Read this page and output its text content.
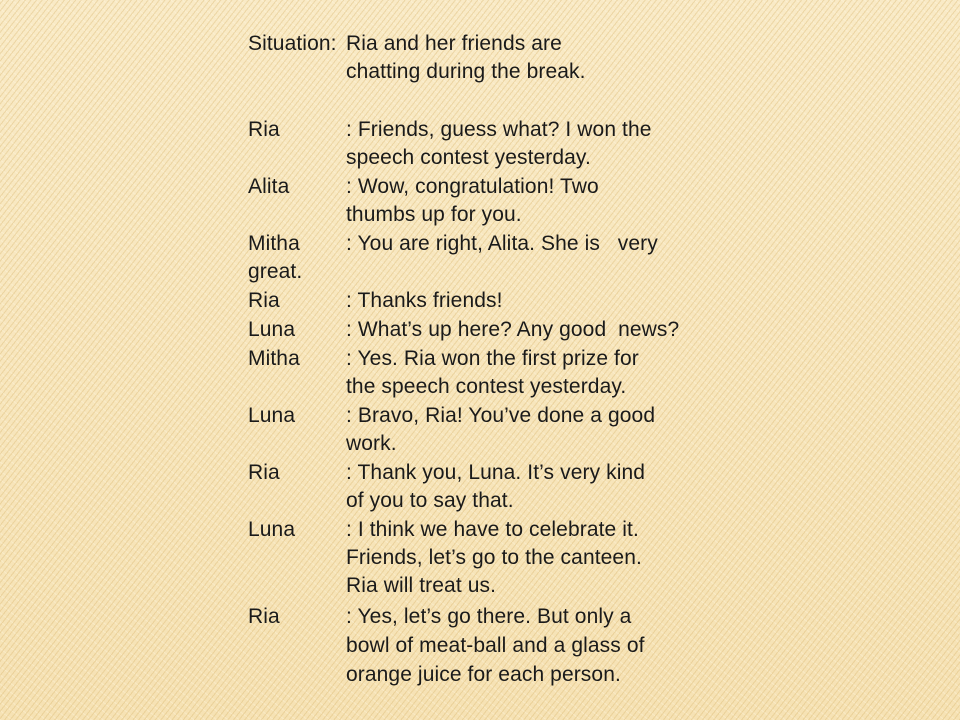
Situation: Ria and her friends are
chatting during the break.
Ria	: Friends, guess what? I won the
speech contest yesterday.
Alita	: Wow, congratulation! Two
thumbs up for you.
Mitha : You are right, Alita. She is   very
great.
Ria	: Thanks friends!
Luna : What’s up here? Any good  news?
Mitha : Yes. Ria won the first prize for
the speech contest yesterday.
Luna : Bravo, Ria! You’ve done a good
work.
Ria	: Thank you, Luna. It’s very kind
of you to say that.
Luna : I think we have to celebrate it.
Friends, let’s go to the canteen.
Ria will treat us.
Ria	: Yes, let’s go there. But only a
bowl of meat-ball and a glass of
orange juice for each person.
